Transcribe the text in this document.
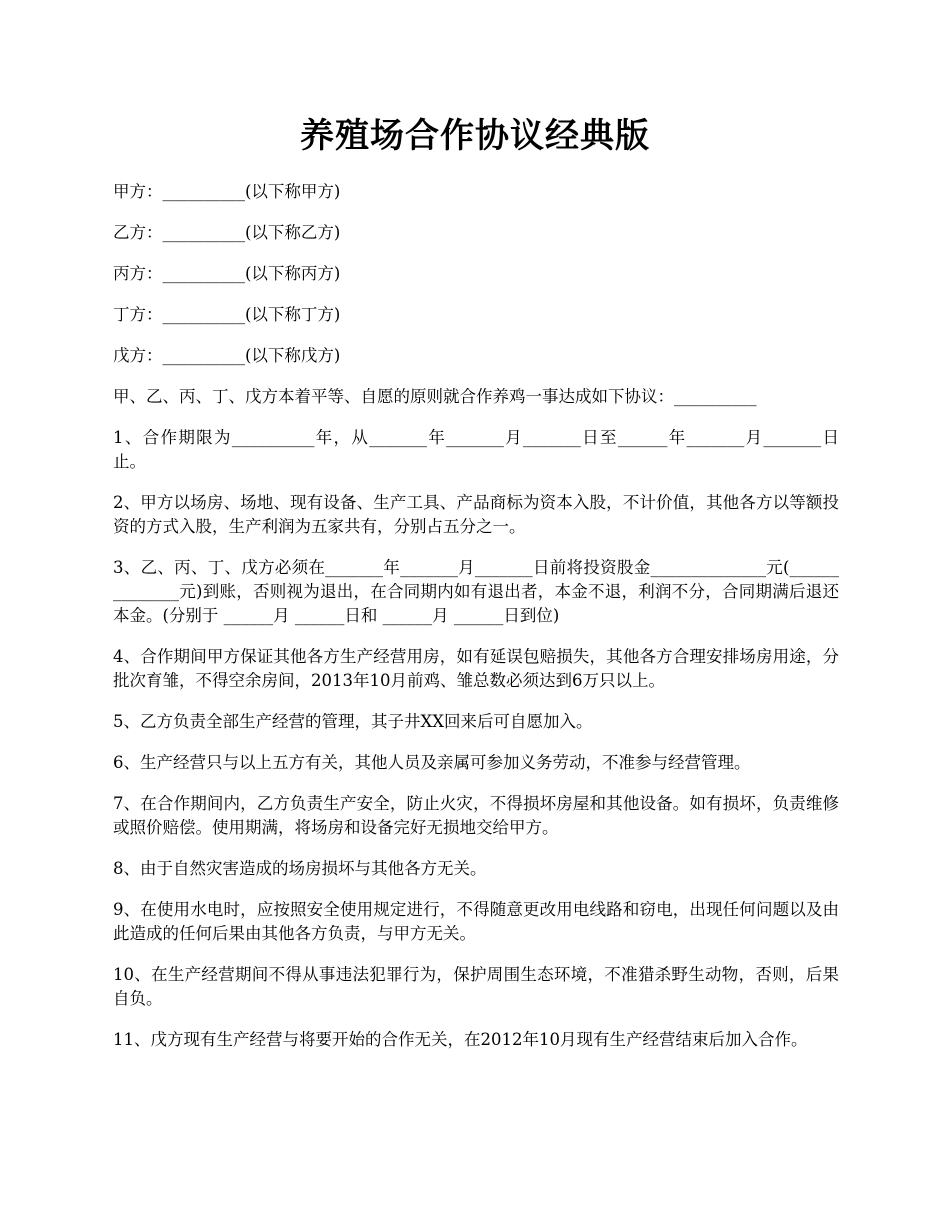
养殖场合作协议经典版
甲方：__________(以下称甲方)
乙方：__________(以下称乙方)
丙方：__________(以下称丙方)
丁方：__________(以下称丁方)
戊方：__________(以下称戊方)
甲、乙、丙、丁、戊方本着平等、自愿的原则就合作养鸡一事达成如下协议：__________

1、合作期限为__________年，从_______年_______月_______日至______年_______月_______日止。

2、甲方以场房、场地、现有设备、生产工具、产品商标为资本入股，不计价值，其他各方以等额投资的方式入股，生产利润为五家共有，分别占五分之一。

3、乙、丙、丁、戊方必须在_______年_______月_______日前将投资股金______________元(______________元)到账，否则视为退出，在合同期内如有退出者，本金不退，利润不分，合同期满后退还本金。(分别于 ______月 ______日和 ______月 ______日到位)

4、合作期间甲方保证其他各方生产经营用房，如有延误包赔损失，其他各方合理安排场房用途，分批次育雏，不得空余房间，2013年10月前鸡、雏总数必须达到6万只以上。

5、乙方负责全部生产经营的管理，其子井XX回来后可自愿加入。

6、生产经营只与以上五方有关，其他人员及亲属可参加义务劳动，不准参与经营管理。

7、在合作期间内，乙方负责生产安全，防止火灾，不得损坏房屋和其他设备。如有损坏，负责维修或照价赔偿。使用期满，将场房和设备完好无损地交给甲方。

8、由于自然灾害造成的场房损坏与其他各方无关。

9、在使用水电时，应按照安全使用规定进行，不得随意更改用电线路和窃电，出现任何问题以及由此造成的任何后果由其他各方负责，与甲方无关。

10、在生产经营期间不得从事违法犯罪行为，保护周围生态环境，不准猎杀野生动物，否则，后果自负。

11、戊方现有生产经营与将要开始的合作无关，在2012年10月现有生产经营结束后加入合作。
